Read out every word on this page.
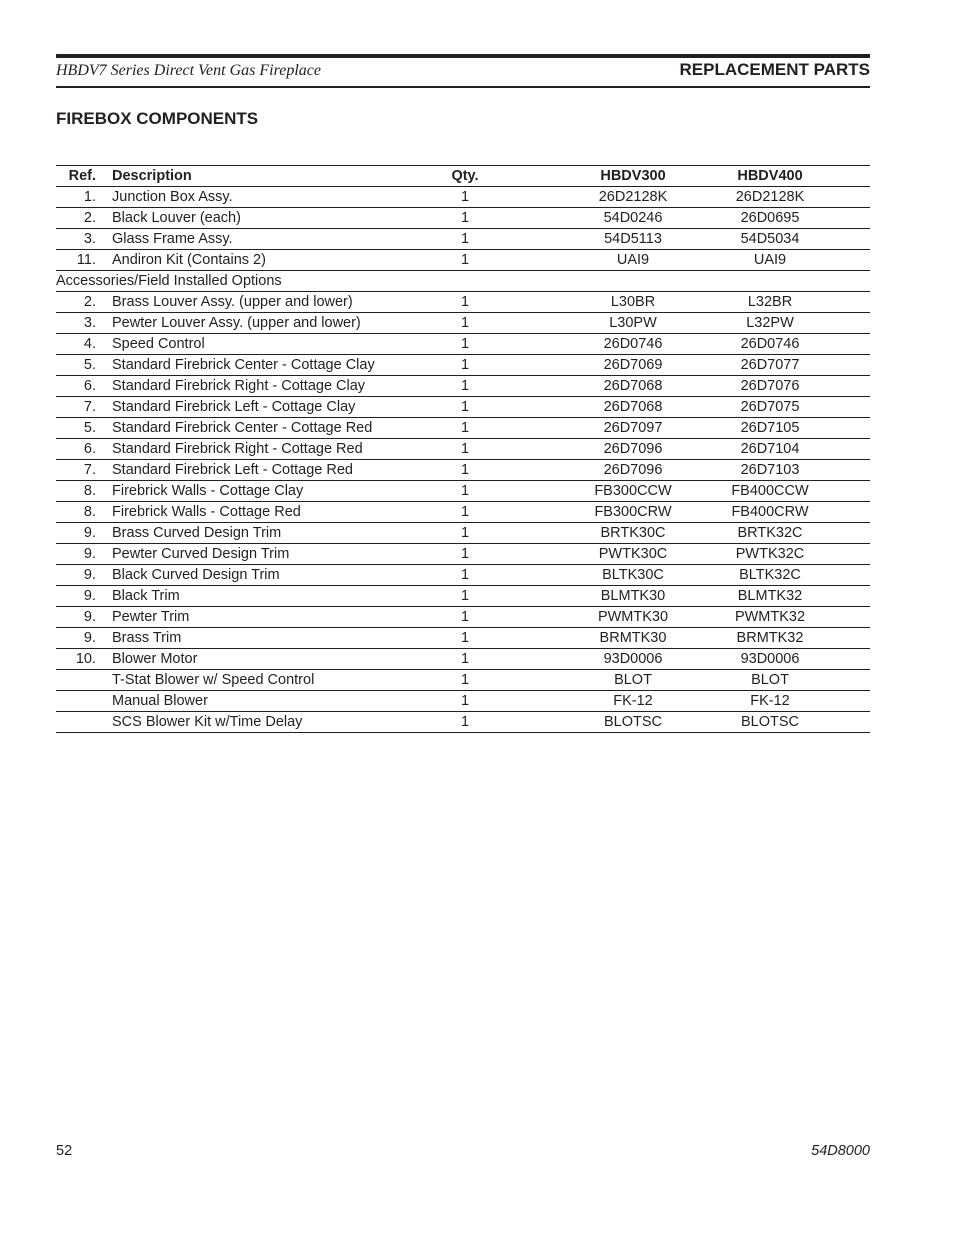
HBDV7 Series Direct Vent Gas Fireplace	REPLACEMENT PARTS
FIREBOX COMPONENTS
Ref.	Description	Qty.	HBDV300	HBDV400	
1.	Junction Box Assy.	1	26D2128K	26D2128K	
2.	Black Louver (each)	1	54D0246	26D0695	
3.	Glass Frame Assy.	1	54D5113	54D5034	
11.	Andiron Kit (Contains 2)	1	UAI9	UAI9	
Accessories/Field Installed Options					
2.	Brass Louver Assy. (upper and lower)	1	L30BR	L32BR	
3.	Pewter Louver Assy. (upper and lower)	1	L30PW	L32PW	
4.	Speed Control	1	26D0746	26D0746	
5.	Standard Firebrick Center - Cottage Clay	1	26D7069	26D7077	
6.	Standard Firebrick Right - Cottage Clay	1	26D7068	26D7076	
7.	Standard Firebrick Left - Cottage Clay	1	26D7068	26D7075	
5.	Standard Firebrick Center - Cottage Red	1	26D7097	26D7105	
6.	Standard Firebrick Right - Cottage Red	1	26D7096	26D7104	
7.	Standard Firebrick Left - Cottage Red	1	26D7096	26D7103	
8.	Firebrick Walls - Cottage Clay	1	FB300CCW	FB400CCW	
8.	Firebrick Walls - Cottage Red	1	FB300CRW	FB400CRW	
9.	Brass Curved Design Trim	1	BRTK30C	BRTK32C	
9.	Pewter Curved Design Trim	1	PWTK30C	PWTK32C	
9.	Black Curved Design Trim	1	BLTK30C	BLTK32C	
9.	Black Trim	1	BLMTK30	BLMTK32	
9.	Pewter Trim	1	PWMTK30	PWMTK32	
9.	Brass Trim	1	BRMTK30	BRMTK32	
10.	Blower Motor	1	93D0006	93D0006	
	T-Stat Blower w/ Speed Control	1	BLOT	BLOT	
	Manual Blower	1	FK-12	FK-12	
	SCS Blower Kit w/Time Delay	1	BLOTSC	BLOTSC	
52	54D8000
